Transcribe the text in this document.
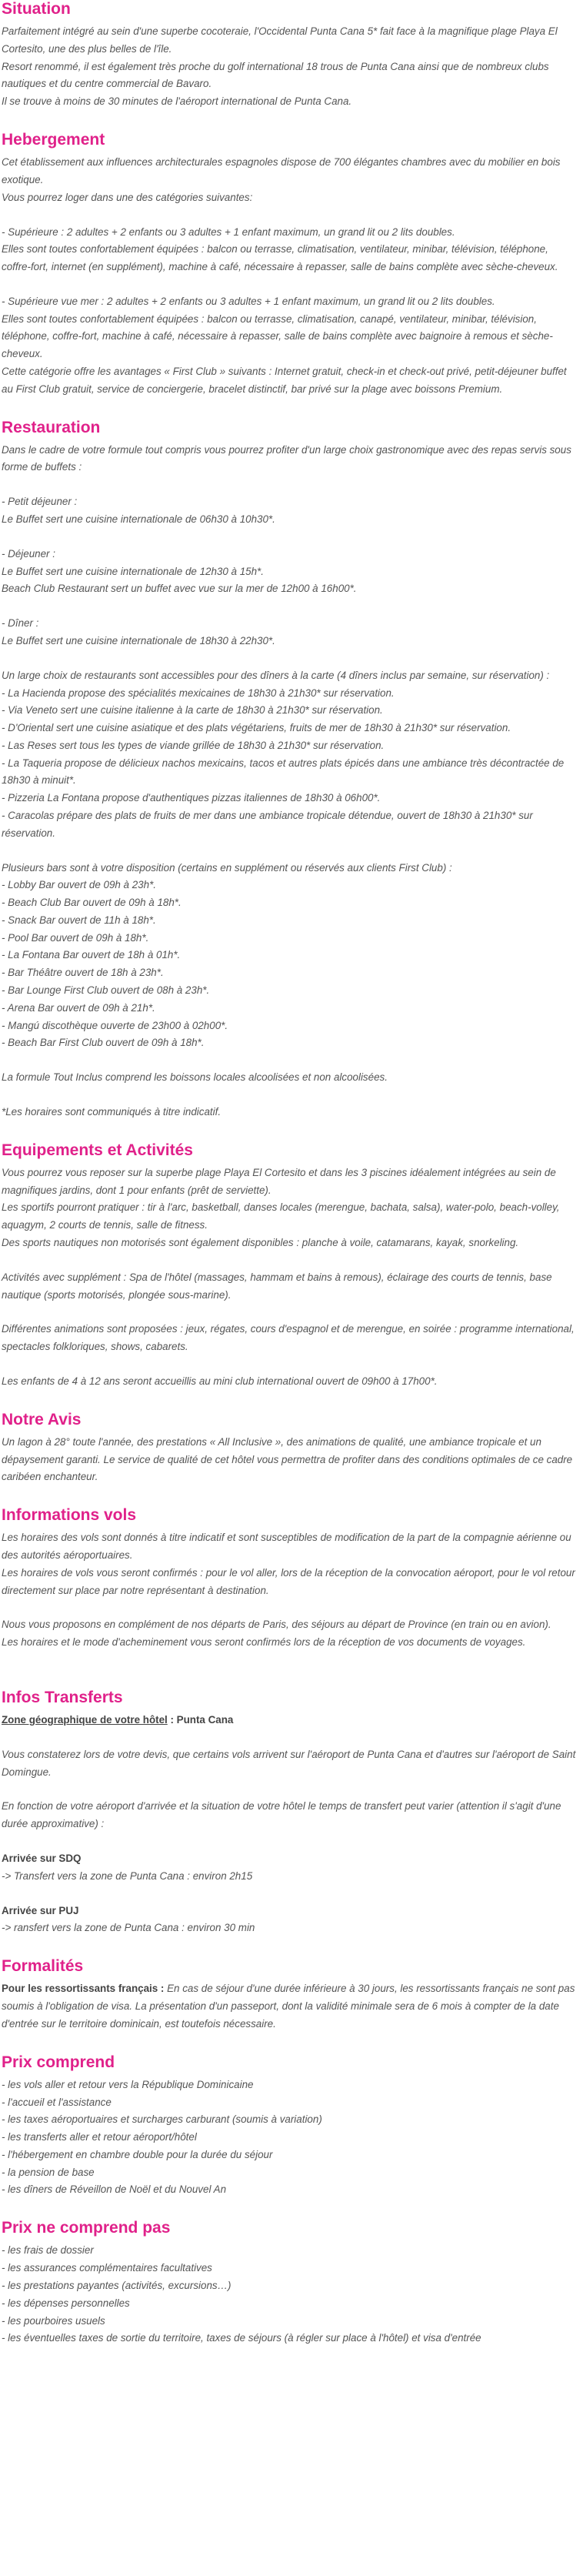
Situation

Parfaitement intégré au sein d'une superbe cocoteraie, l'Occidental Punta Cana 5* fait face à la magnifique plage Playa El Cortesito, une des plus belles de l'île.

Resort renommé, il est également très proche du golf international 18 trous de Punta Cana ainsi que de nombreux clubs nautiques et du centre commercial de Bavaro.

Il se trouve à moins de 30 minutes de l'aéroport international de Punta Cana.

Hebergement

Cet établissement aux influences architecturales espagnoles dispose de 700 élégantes chambres avec du mobilier en bois exotique.

Vous pourrez loger dans une des catégories suivantes:

- Supérieure : 2 adultes + 2 enfants ou 3 adultes + 1 enfant maximum, un grand lit ou 2 lits doubles.

Elles sont toutes confortablement équipées : balcon ou terrasse, climatisation, ventilateur, minibar, télévision, téléphone, coffre-fort, internet (en supplément), machine à café, nécessaire à repasser, salle de bains complète avec sèche-cheveux.

- Supérieure vue mer : 2 adultes + 2 enfants ou 3 adultes + 1 enfant maximum, un grand lit ou 2 lits doubles.

Elles sont toutes confortablement équipées : balcon ou terrasse, climatisation, canapé, ventilateur, minibar, télévision, téléphone, coffre-fort, machine à café, nécessaire à repasser, salle de bains complète avec baignoire à remous et sèche-cheveux.

Cette catégorie offre les avantages « First Club » suivants : Internet gratuit, check-in et check-out privé, petit-déjeuner buffet au First Club gratuit, service de conciergerie, bracelet distinctif, bar privé sur la plage avec boissons Premium.

Restauration

Dans le cadre de votre formule tout compris vous pourrez profiter d'un large choix gastronomique avec des repas servis sous forme de buffets :

- Petit déjeuner :

Le Buffet sert une cuisine internationale de 06h30 à 10h30*.

- Déjeuner :

Le Buffet sert une cuisine internationale de 12h30 à 15h*.

Beach Club Restaurant sert un buffet avec vue sur la mer de 12h00 à 16h00*.

- Dîner :

Le Buffet sert une cuisine internationale de 18h30 à 22h30*.

Un large choix de restaurants sont accessibles pour des dîners à la carte (4 dîners inclus par semaine, sur réservation) :

- La Hacienda propose des spécialités mexicaines de 18h30 à 21h30* sur réservation.
- Via Veneto sert une cuisine italienne à la carte de 18h30 à 21h30* sur réservation.
- D'Oriental sert une cuisine asiatique et des plats végétariens, fruits de mer de 18h30 à 21h30* sur réservation.
- Las Reses sert tous les types de viande grillée de 18h30 à 21h30* sur réservation.
- La Taqueria propose de délicieux nachos mexicains, tacos et autres plats épicés dans une ambiance très décontractée de 18h30 à minuit*.
- Pizzeria La Fontana propose d'authentiques pizzas italiennes de 18h30 à 06h00*.
- Caracolas prépare des plats de fruits de mer dans une ambiance tropicale détendue, ouvert de 18h30 à 21h30* sur réservation.

Plusieurs bars sont à votre disposition (certains en supplément ou réservés aux clients First Club) :

- Lobby Bar ouvert de 09h à 23h*.
- Beach Club Bar ouvert de 09h à 18h*.
- Snack Bar ouvert de 11h à 18h*.
- Pool Bar ouvert de 09h à 18h*.
- La Fontana Bar ouvert de 18h à 01h*.
- Bar Théâtre ouvert de 18h à 23h*.
- Bar Lounge First Club ouvert de 08h à 23h*.
- Arena Bar ouvert de 09h à 21h*.
- Mangú discothèque ouverte de 23h00 à 02h00*.
- Beach Bar First Club ouvert de 09h à 18h*.

La formule Tout Inclus comprend les boissons locales alcoolisées et non alcoolisées.

*Les horaires sont communiqués à titre indicatif.

Equipements et Activités

Vous pourrez vous reposer sur la superbe plage Playa El Cortesito et dans les 3 piscines idéalement intégrées au sein de magnifiques jardins, dont 1 pour enfants (prêt de serviette).

Les sportifs pourront pratiquer : tir à l'arc, basketball, danses locales (merengue, bachata, salsa), water-polo, beach-volley, aquagym, 2 courts de tennis, salle de fitness.

Des sports nautiques non motorisés sont également disponibles : planche à voile, catamarans, kayak, snorkeling.

Activités avec supplément : Spa de l'hôtel (massages, hammam et bains à remous), éclairage des courts de tennis, base nautique (sports motorisés, plongée sous-marine).

Différentes animations sont proposées : jeux, régates, cours d'espagnol et de merengue, en soirée : programme international, spectacles folkloriques, shows, cabarets.

Les enfants de 4 à 12 ans seront accueillis au mini club international ouvert de 09h00 à 17h00*.

Notre Avis

Un lagon à 28° toute l'année, des prestations « All Inclusive », des animations de qualité, une ambiance tropicale et un dépaysement garanti. Le service de qualité de cet hôtel vous permettra de profiter dans des conditions optimales de ce cadre caribéen enchanteur.

Informations vols

Les horaires des vols sont donnés à titre indicatif et sont susceptibles de modification de la part de la compagnie aérienne ou des autorités aéroportuaires.

Les horaires de vols vous seront confirmés : pour le vol aller, lors de la réception de la convocation aéroport, pour le vol retour directement sur place par notre représentant à destination.

Nous vous proposons en complément de nos départs de Paris, des séjours au départ de Province (en train ou en avion).

Les horaires et le mode d'acheminement vous seront confirmés lors de la réception de vos documents de voyages.

Infos Transferts

Zone géographique de votre hôtel : Punta Cana

Vous constaterez lors de votre devis, que certains vols arrivent sur l'aéroport de Punta Cana et d'autres sur l'aéroport de Saint Domingue.

En fonction de votre aéroport d'arrivée et la situation de votre hôtel le temps de transfert peut varier (attention il s'agit d'une durée approximative) :

Arrivée sur SDQ

-> Transfert vers la zone de Punta Cana : environ 2h15

Arrivée sur PUJ

-> ransfert vers la zone de Punta Cana : environ 30 min

Formalités

Pour les ressortissants français : En cas de séjour d'une durée inférieure à 30 jours, les ressortissants français ne sont pas soumis à l'obligation de visa. La présentation d'un passeport, dont la validité minimale sera de 6 mois à compter de la date d'entrée sur le territoire dominicain, est toutefois nécessaire.

Prix comprend
- les vols aller et retour vers la République Dominicaine
- l'accueil et l'assistance
- les taxes aéroportuaires et surcharges carburant (soumis à variation)
- les transferts aller et retour aéroport/hôtel
- l'hébergement en chambre double pour la durée du séjour
- la pension de base
- les dîners de Réveillon de Noël et du Nouvel An
Prix ne comprend pas
- les frais de dossier
- les assurances complémentaires facultatives
- les prestations payantes (activités, excursions…)
- les dépenses personnelles
- les pourboires usuels
- les éventuelles taxes de sortie du territoire, taxes de séjours (à régler sur place à l'hôtel) et visa d'entrée
